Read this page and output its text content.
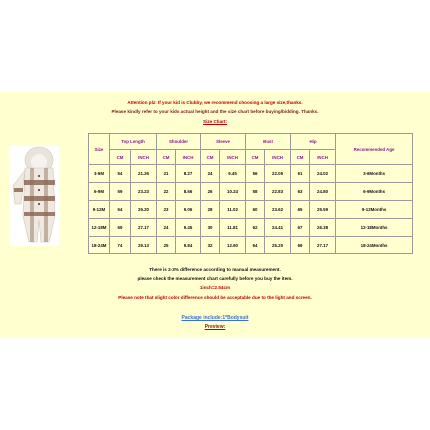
Attention plz: If your kid is Clubby, we recommend choosing a large size,thanks.
Please kindly refer to your kids actual height and the size chart before buying/bidding. Thanks.
Size Chart:
Size	Top Length		Shoulder		Sleeve		Bust		Hip		Recommended Age
	CM	INCH	CM	INCH	CM	INCH	CM	INCH	CM	INCH	
3-6M	54	21.26	21	8.27	24	9.45	56	22.05	61	24.02	3-6Months
6-9M	59	23.23	22	8.66	26	10.24	58	22.83	63	24.80	6-9Months
9-12M	64	25.20	23	9.06	28	11.02	60	23.62	65	25.59	9-12Months
12-18M	69	27.17	24	9.45	30	11.81	62	24.41	67	26.38	12-18Months
18-24M	74	29.13	25	9.84	32	12.60	64	25.20	69	27.17	18-24Months
There is 2-3% difference according to manual measurement.
please check the measurement chart carefully before you buy the item.
1inch=2.54cm
Please note that slight color difference should be acceptable due to the light and screen.
Package include:1*Bodysuit
Preview:
